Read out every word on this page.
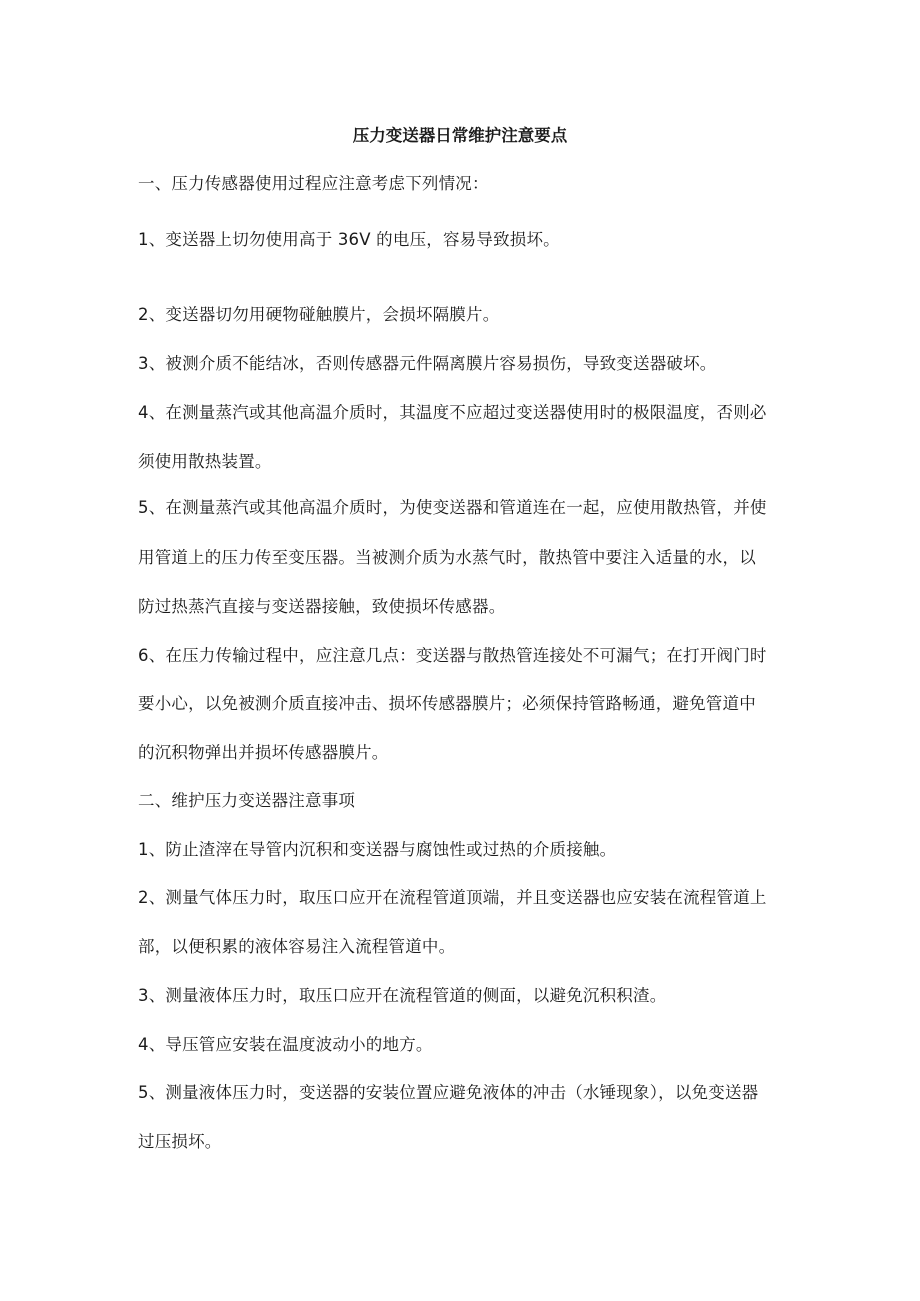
压力变送器日常维护注意要点
一、压力传感器使用过程应注意考虑下列情况：
1、变送器上切勿使用高于 36V 的电压，容易导致损坏。
2、变送器切勿用硬物碰触膜片，会损坏隔膜片。
3、被测介质不能结冰，否则传感器元件隔离膜片容易损伤，导致变送器破坏。
4、在测量蒸汽或其他高温介质时，其温度不应超过变送器使用时的极限温度，否则必
须使用散热装置。
5、在测量蒸汽或其他高温介质时，为使变送器和管道连在一起，应使用散热管，并使
用管道上的压力传至变压器。当被测介质为水蒸气时，散热管中要注入适量的水，以
防过热蒸汽直接与变送器接触，致使损坏传感器。
6、在压力传输过程中，应注意几点：变送器与散热管连接处不可漏气；在打开阀门时
要小心，以免被测介质直接冲击、损坏传感器膜片；必须保持管路畅通，避免管道中
的沉积物弹出并损坏传感器膜片。
二、维护压力变送器注意事项
1、防止渣滓在导管内沉积和变送器与腐蚀性或过热的介质接触。
2、测量气体压力时，取压口应开在流程管道顶端，并且变送器也应安装在流程管道上
部，以便积累的液体容易注入流程管道中。
3、测量液体压力时，取压口应开在流程管道的侧面，以避免沉积积渣。
4、导压管应安装在温度波动小的地方。
5、测量液体压力时，变送器的安装位置应避免液体的冲击（水锤现象），以免变送器
过压损坏。
